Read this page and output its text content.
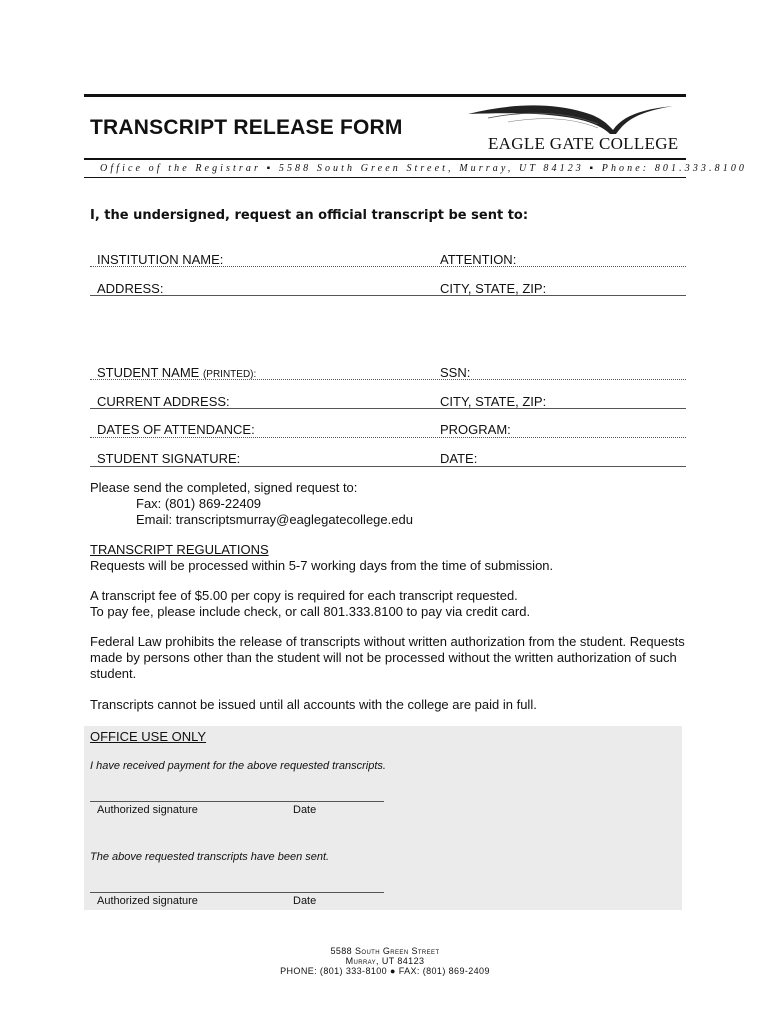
TRANSCRIPT RELEASE FORM
EAGLE GATE COLLEGE
Office of the Registrar ▪ 5588 South Green Street, Murray, UT 84123 ▪ Phone: 801.333.8100
I, the undersigned, request an official transcript be sent to:
INSTITUTION NAME:	ATTENTION:
ADDRESS:	CITY, STATE, ZIP:
STUDENT NAME (PRINTED):	SSN:
CURRENT ADDRESS:	CITY, STATE, ZIP:
DATES OF ATTENDANCE:	PROGRAM:
STUDENT SIGNATURE:	DATE:
Please send the completed, signed request to:
Fax: (801) 869-22409
Email: transcriptsmurray@eaglegatecollege.edu
TRANSCRIPT REGULATIONS
Requests will be processed within 5-7 working days from the time of submission.
A transcript fee of $5.00 per copy is required for each transcript requested.
To pay fee, please include check, or call 801.333.8100 to pay via credit card.
Federal Law prohibits the release of transcripts without written authorization from the student. Requests made by persons other than the student will not be processed without the written authorization of such student.
Transcripts cannot be issued until all accounts with the college are paid in full.
OFFICE USE ONLY
I have received payment for the above requested transcripts.
Authorized signature	Date
The above requested transcripts have been sent.
Authorized signature	Date
5588 South Green Street
Murray, UT 84123
PHONE: (801) 333-8100 ● FAX: (801) 869-2409
